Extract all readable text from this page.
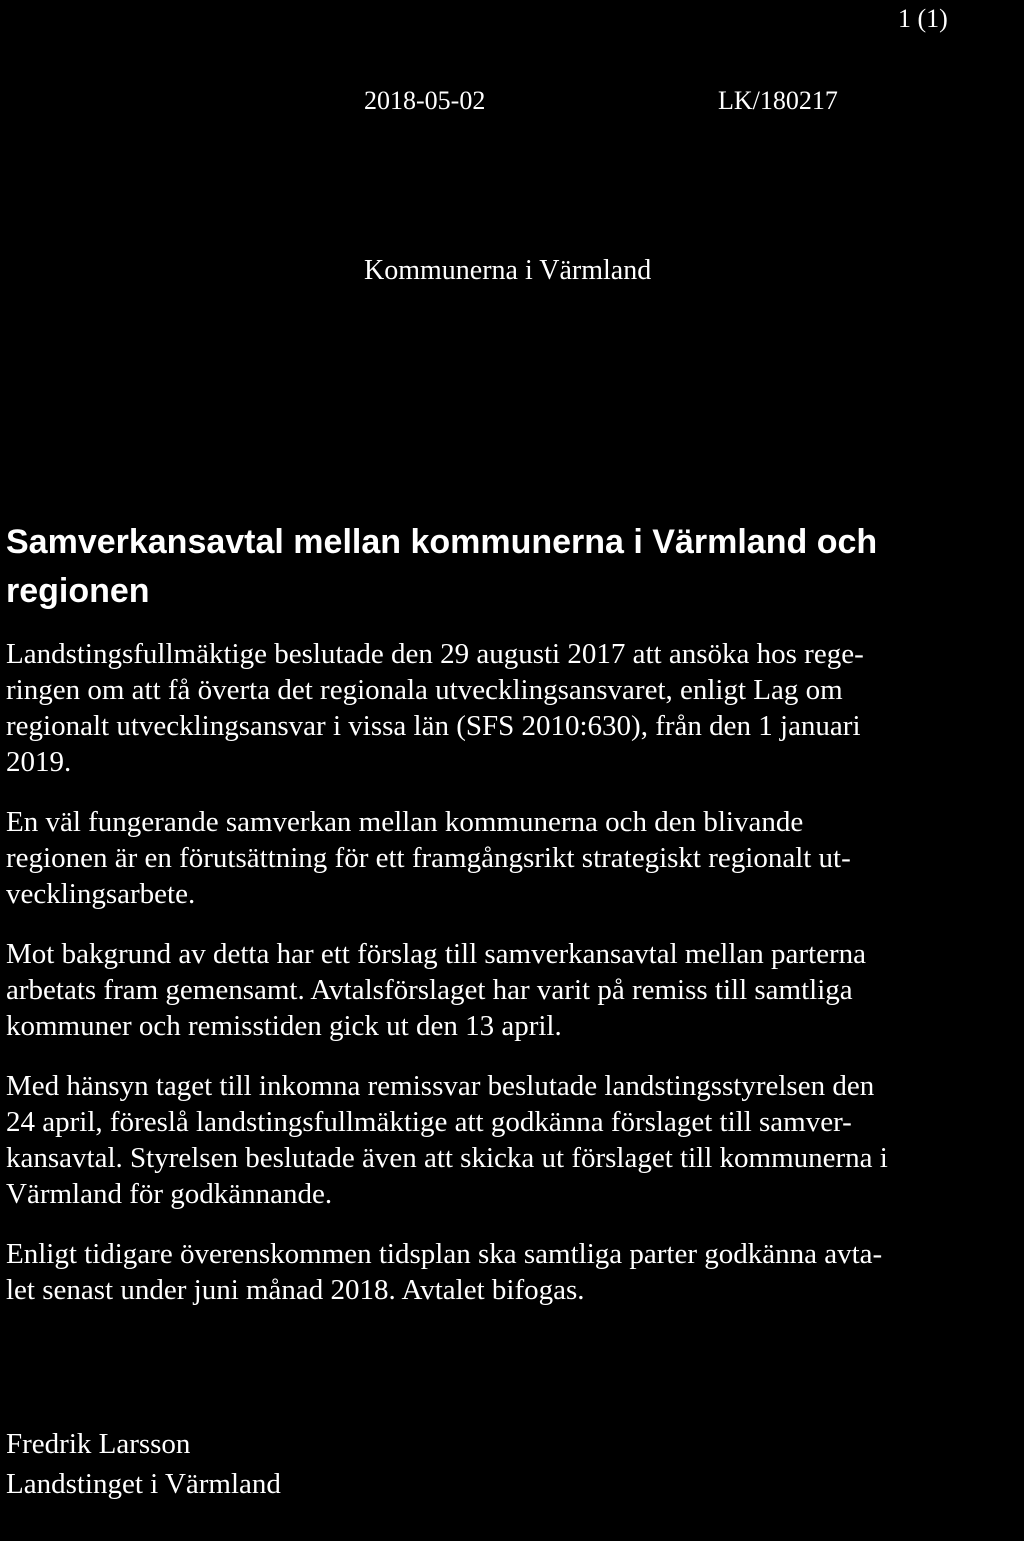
1 (1)
2018-05-02	LK/180217
Kommunerna i Värmland
Samverkansavtal mellan kommunerna i Värmland och regionen

Landstingsfullmäktige beslutade den 29 augusti 2017 att ansöka hos rege-
ringen om att få överta det regionala utvecklingsansvaret, enligt Lag om
regionalt utvecklingsansvar i vissa län (SFS 2010:630), från den 1 januari
2019.

En väl fungerande samverkan mellan kommunerna och den blivande
regionen är en förutsättning för ett framgångsrikt strategiskt regionalt ut-
vecklingsarbete.

Mot bakgrund av detta har ett förslag till samverkansavtal mellan parterna
arbetats fram gemensamt. Avtalsförslaget har varit på remiss till samtliga
kommuner och remisstiden gick ut den 13 april.

Med hänsyn taget till inkomna remissvar beslutade landstingsstyrelsen den
24 april, föreslå landstingsfullmäktige att godkänna förslaget till samver-
kansavtal. Styrelsen beslutade även att skicka ut förslaget till kommunerna i
Värmland för godkännande.

Enligt tidigare överenskommen tidsplan ska samtliga parter godkänna avta-
let senast under juni månad 2018. Avtalet bifogas.

Fredrik Larsson
Landstinget i Värmland
